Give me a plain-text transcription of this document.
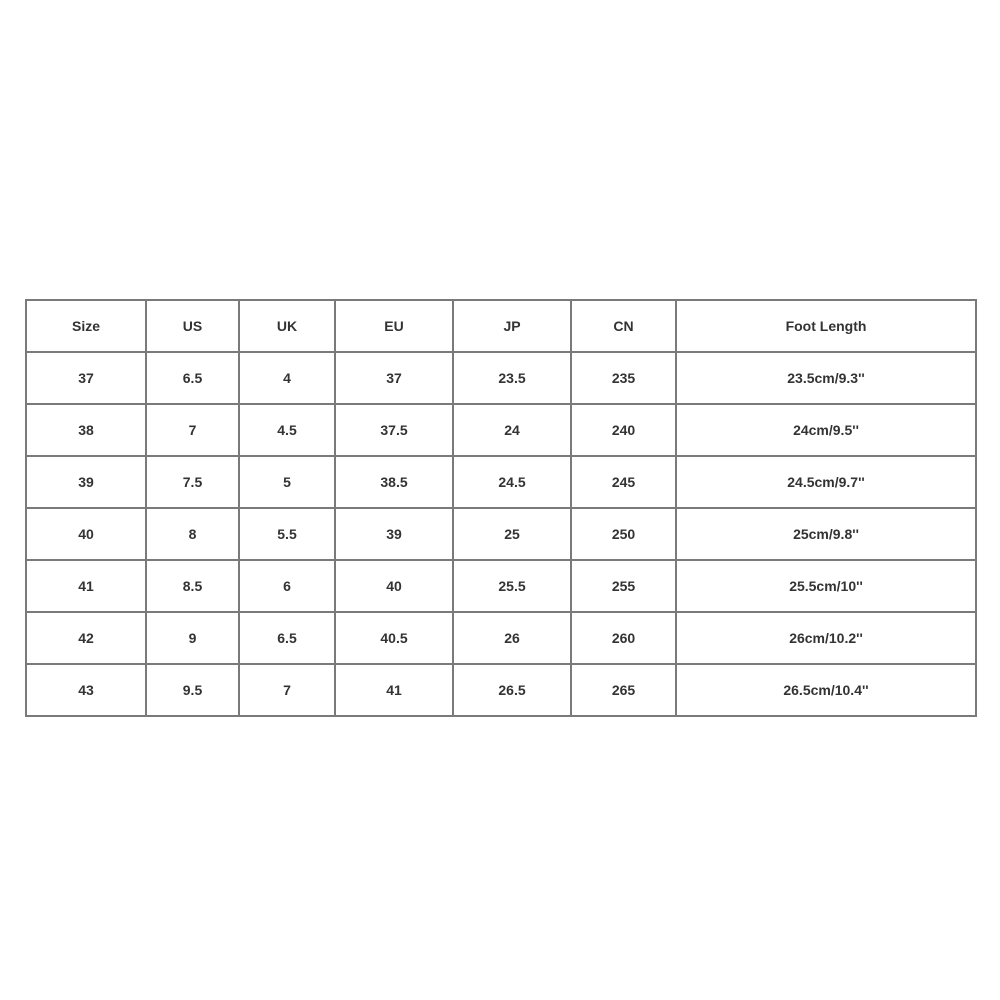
Size	US	UK	EU	JP	CN	Foot Length
37	6.5	4	37	23.5	235	23.5cm/9.3''
38	7	4.5	37.5	24	240	24cm/9.5''
39	7.5	5	38.5	24.5	245	24.5cm/9.7''
40	8	5.5	39	25	250	25cm/9.8''
41	8.5	6	40	25.5	255	25.5cm/10''
42	9	6.5	40.5	26	260	26cm/10.2''
43	9.5	7	41	26.5	265	26.5cm/10.4''
